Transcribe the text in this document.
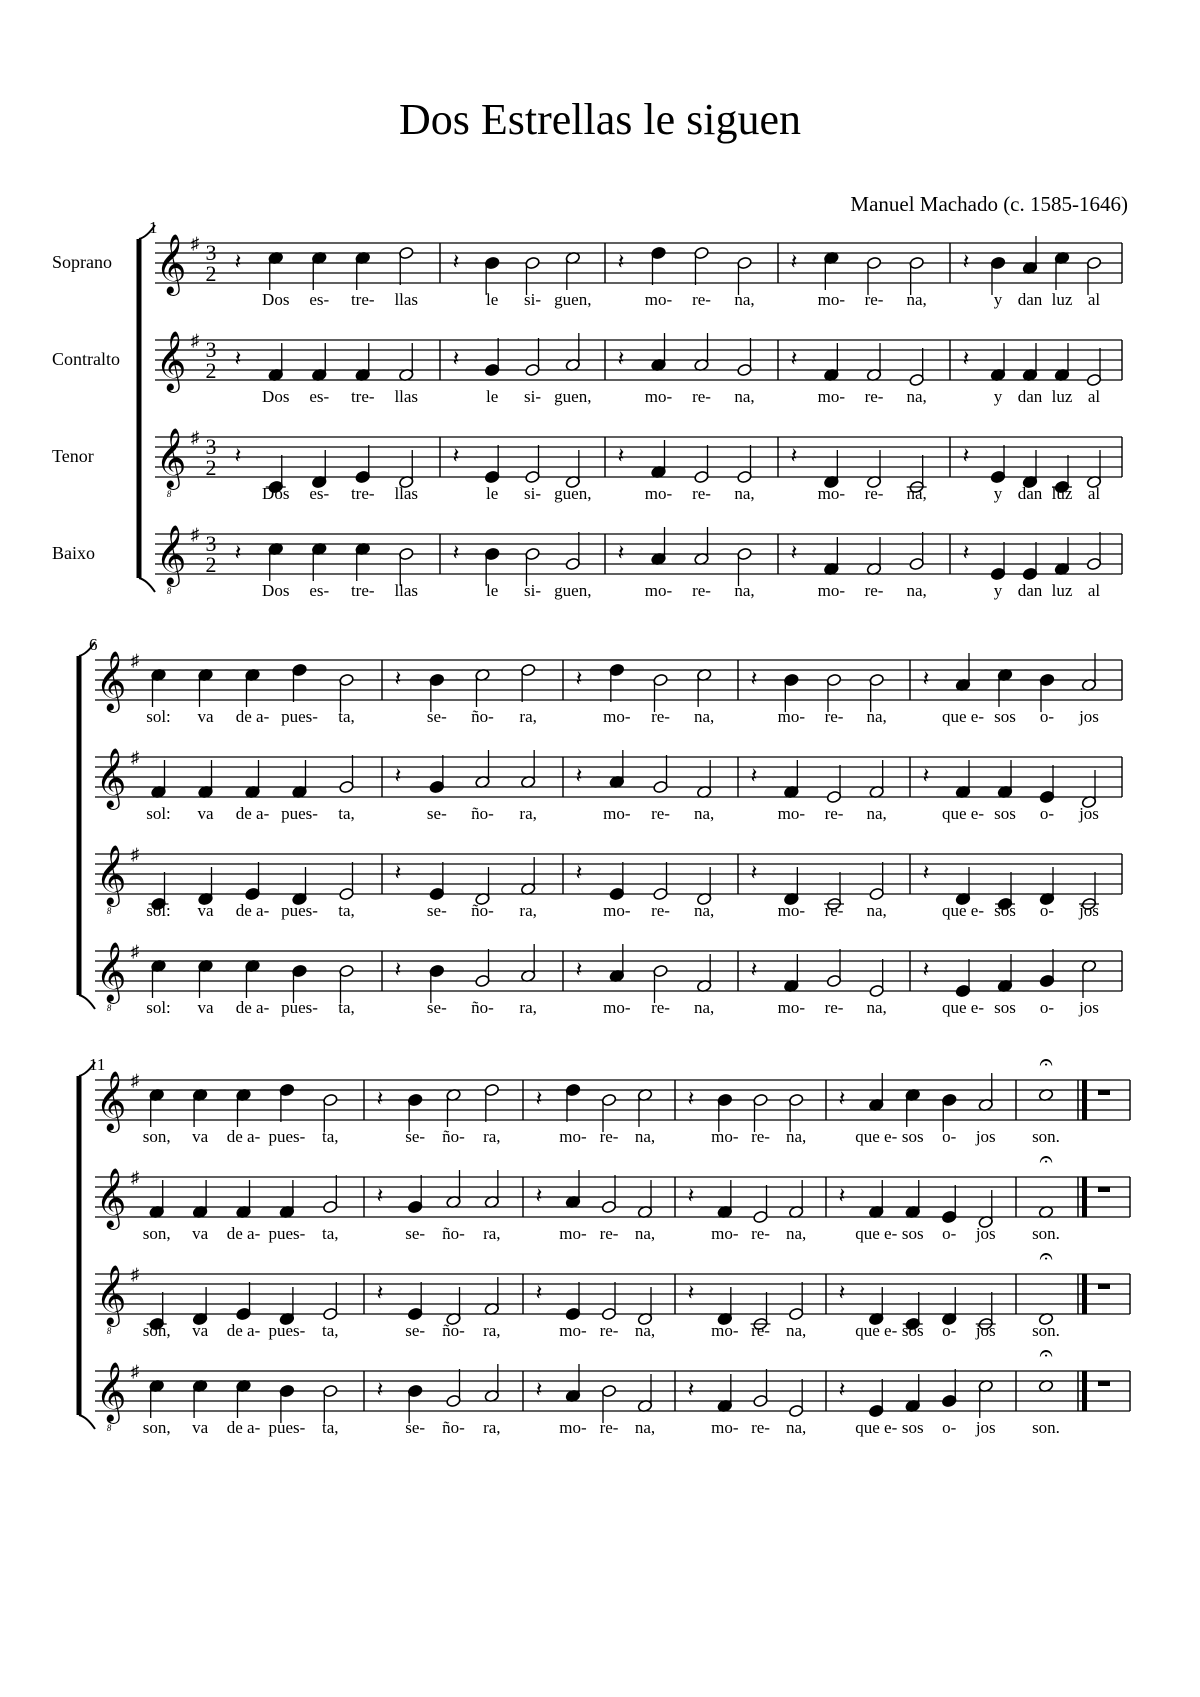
Dos Estrellas le siguen
Manuel Machado (c. 1585-1646)
1
Soprano 𝄞 ♯ 3
2 𝄽
Dos es- tre- llas
𝄽
le si- guen,
𝄽
mo- re- na,
𝄽
mo- re- na,
𝄽
y dan luz al
Contralto 𝄞 ♯ 3
2 𝄽
Dos es- tre- llas
𝄽
le si- guen,
𝄽
mo- re- na,
𝄽
mo- re- na,
𝄽
y dan luz al
Tenor 𝄞
8
♯ 3
2 𝄽
Dos es- tre- llas
𝄽
le si- guen,
𝄽
mo- re- na,
𝄽
mo- re- na,
𝄽
y dan luz al
Baixo 𝄞
8
♯ 3
2 𝄽
Dos es- tre- llas
𝄽
le si- guen,
𝄽
mo- re- na,
𝄽
mo- re- na,
𝄽
y dan luz al
6
𝄞 ♯
sol: va de a- pues- ta,
𝄽
se- ño- ra,
𝄽
mo- re- na,
𝄽
mo- re- na,
𝄽
que e- sos o- jos
𝄞 ♯
sol: va de a- pues- ta,
𝄽
se- ño- ra,
𝄽
mo- re- na,
𝄽
mo- re- na,
𝄽
que e- sos o- jos
𝄞
8
♯
sol: va de a- pues- ta,
𝄽
se- ño- ra,
𝄽
mo- re- na,
𝄽
mo- re- na,
𝄽
que e- sos o- jos
𝄞
8
♯
sol: va de a- pues- ta,
𝄽
se- ño- ra,
𝄽
mo- re- na,
𝄽
mo- re- na,
𝄽
que e- sos o- jos
11
𝄞 ♯
son, va de a- pues- ta,
𝄽
se- ño- ra,
𝄽
mo- re- na,
𝄽
mo- re- na,
𝄽
que e- sos o- jos
𝄐
son.
𝄞 ♯
son, va de a- pues- ta,
𝄽
se- ño- ra,
𝄽
mo- re- na,
𝄽
mo- re- na,
𝄽
que e- sos o- jos
𝄐
son.
𝄞
8
♯
son, va de a- pues- ta,
𝄽
se- ño- ra,
𝄽
mo- re- na,
𝄽
mo- re- na,
𝄽
que e- sos o- jos
𝄐
son.
𝄞
8
♯
son, va de a- pues- ta,
𝄽
se- ño- ra,
𝄽
mo- re- na,
𝄽
mo- re- na,
𝄽
que e- sos o- jos
𝄐
son.
